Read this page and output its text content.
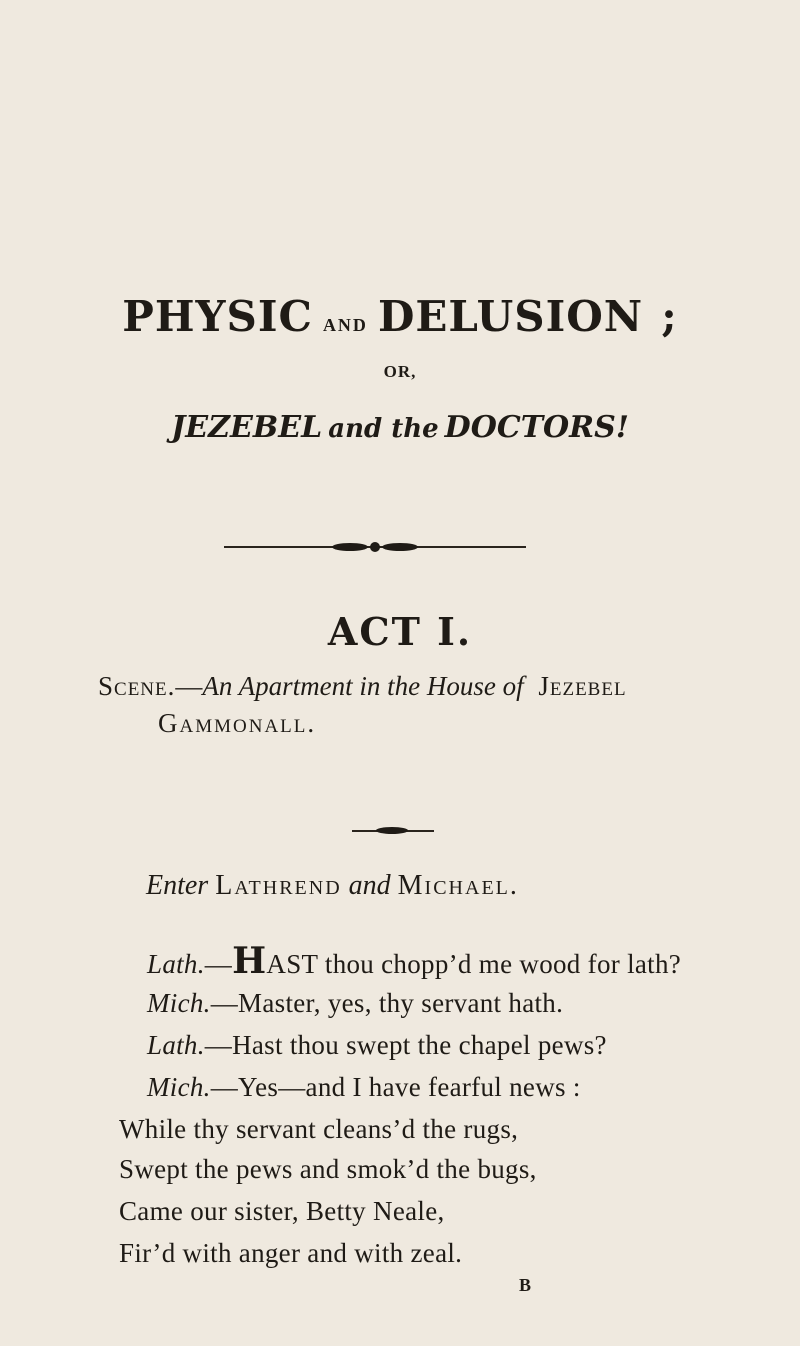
PHYSIC AND DELUSION ;
OR,
JEZEBEL and the DOCTORS!
ACT I.
Scene.—An Apartment in the House of Jezebel
Gammonall.
Enter Lathrend and Michael.
Lath.—HAST thou chopp’d me wood for lath?
Mich.—Master, yes, thy servant hath.
Lath.—Hast thou swept the chapel pews?
Mich.—Yes—and I have fearful news :
While thy servant cleans’d the rugs,
Swept the pews and smok’d the bugs,
Came our sister, Betty Neale,
Fir’d with anger and with zeal.
B
